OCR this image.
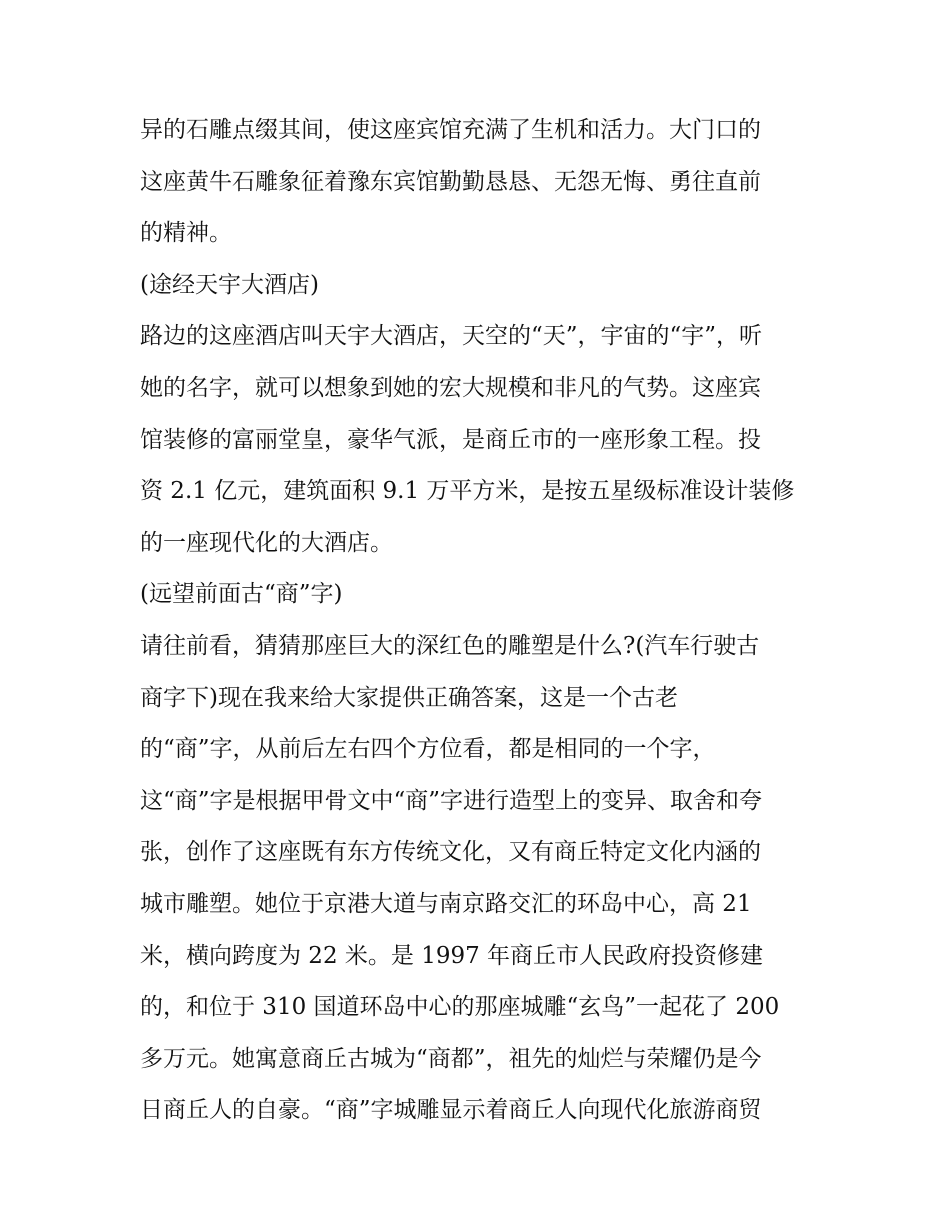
异的石雕点缀其间，使这座宾馆充满了生机和活力。大门口的
这座黄牛石雕象征着豫东宾馆勤勤恳恳、无怨无悔、勇往直前
的精神。
(途经天宇大酒店)
路边的这座酒店叫天宇大酒店，天空的“天”，宇宙的“宇”，听
她的名字，就可以想象到她的宏大规模和非凡的气势。这座宾
馆装修的富丽堂皇，豪华气派，是商丘市的一座形象工程。投
资 2.1 亿元，建筑面积 9.1 万平方米，是按五星级标准设计装修
的一座现代化的大酒店。
(远望前面古“商”字)
请往前看，猜猜那座巨大的深红色的雕塑是什么?(汽车行驶古
商字下)现在我来给大家提供正确答案，这是一个古老
的“商”字，从前后左右四个方位看，都是相同的一个字，
这“商”字是根据甲骨文中“商”字进行造型上的变异、取舍和夸
张，创作了这座既有东方传统文化，又有商丘特定文化内涵的
城市雕塑。她位于京港大道与南京路交汇的环岛中心，高 21
米，横向跨度为 22 米。是 1997 年商丘市人民政府投资修建
的，和位于 310 国道环岛中心的那座城雕“玄鸟”一起花了 200
多万元。她寓意商丘古城为“商都”，祖先的灿烂与荣耀仍是今
日商丘人的自豪。“商”字城雕显示着商丘人向现代化旅游商贸
